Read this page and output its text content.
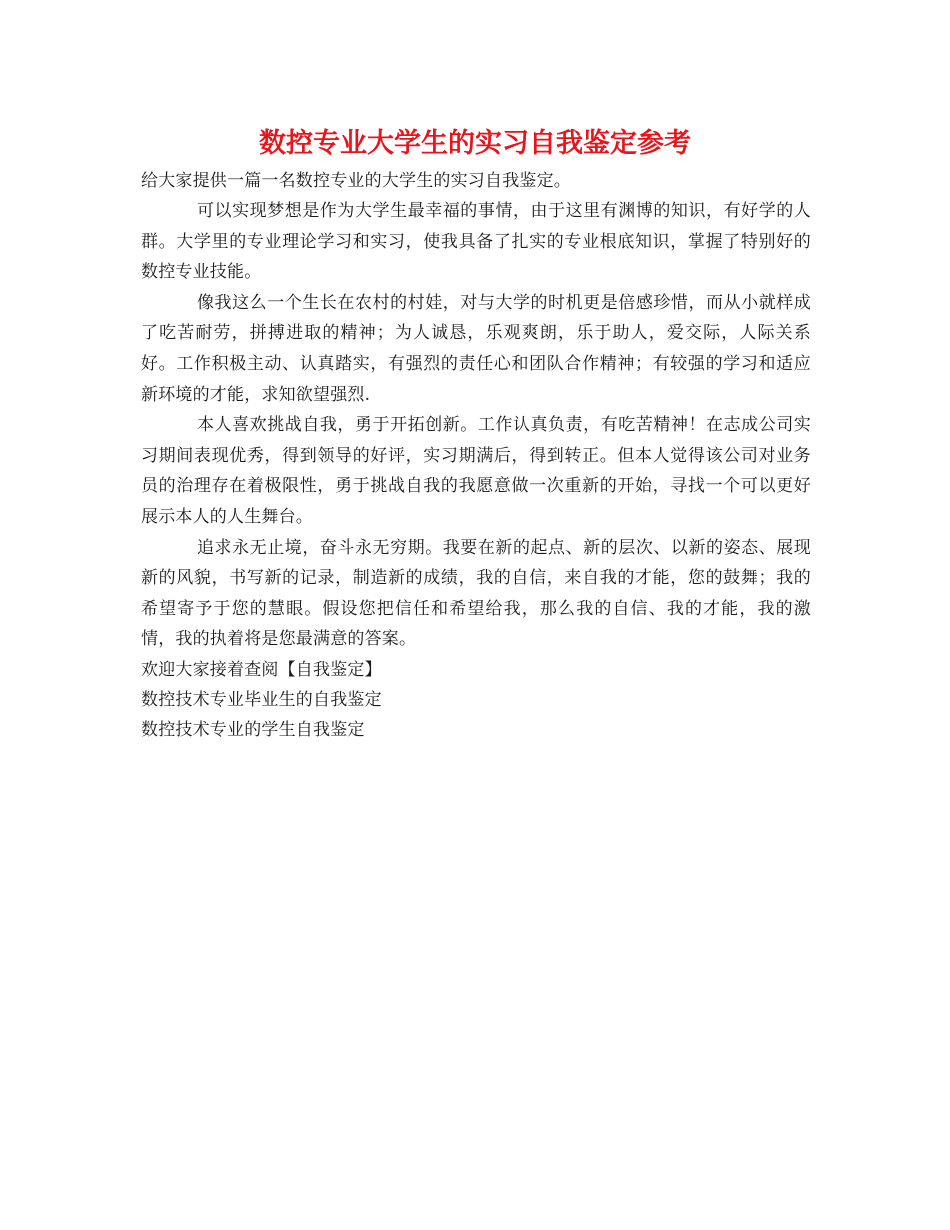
数控专业大学生的实习自我鉴定参考

给大家提供一篇一名数控专业的大学生的实习自我鉴定。

可以实现梦想是作为大学生最幸福的事情，由于这里有渊博的知识，有好学的人群。大学里的专业理论学习和实习，使我具备了扎实的专业根底知识，掌握了特别好的数控专业技能。

像我这么一个生长在农村的村娃，对与大学的时机更是倍感珍惜，而从小就样成了吃苦耐劳，拼搏进取的精神；为人诚恳，乐观爽朗，乐于助人，爱交际，人际关系好。工作积极主动、认真踏实，有强烈的责任心和团队合作精神；有较强的学习和适应新环境的才能，求知欲望强烈.

本人喜欢挑战自我，勇于开拓创新。工作认真负责，有吃苦精神！在志成公司实习期间表现优秀，得到领导的好评，实习期满后，得到转正。但本人觉得该公司对业务员的治理存在着极限性，勇于挑战自我的我愿意做一次重新的开始，寻找一个可以更好展示本人的人生舞台。

追求永无止境，奋斗永无穷期。我要在新的起点、新的层次、以新的姿态、展现新的风貌，书写新的记录，制造新的成绩，我的自信，来自我的才能，您的鼓舞；我的希望寄予于您的慧眼。假设您把信任和希望给我，那么我的自信、我的才能，我的激情，我的执着将是您最满意的答案。

欢迎大家接着查阅【自我鉴定】

数控技术专业毕业生的自我鉴定

数控技术专业的学生自我鉴定
